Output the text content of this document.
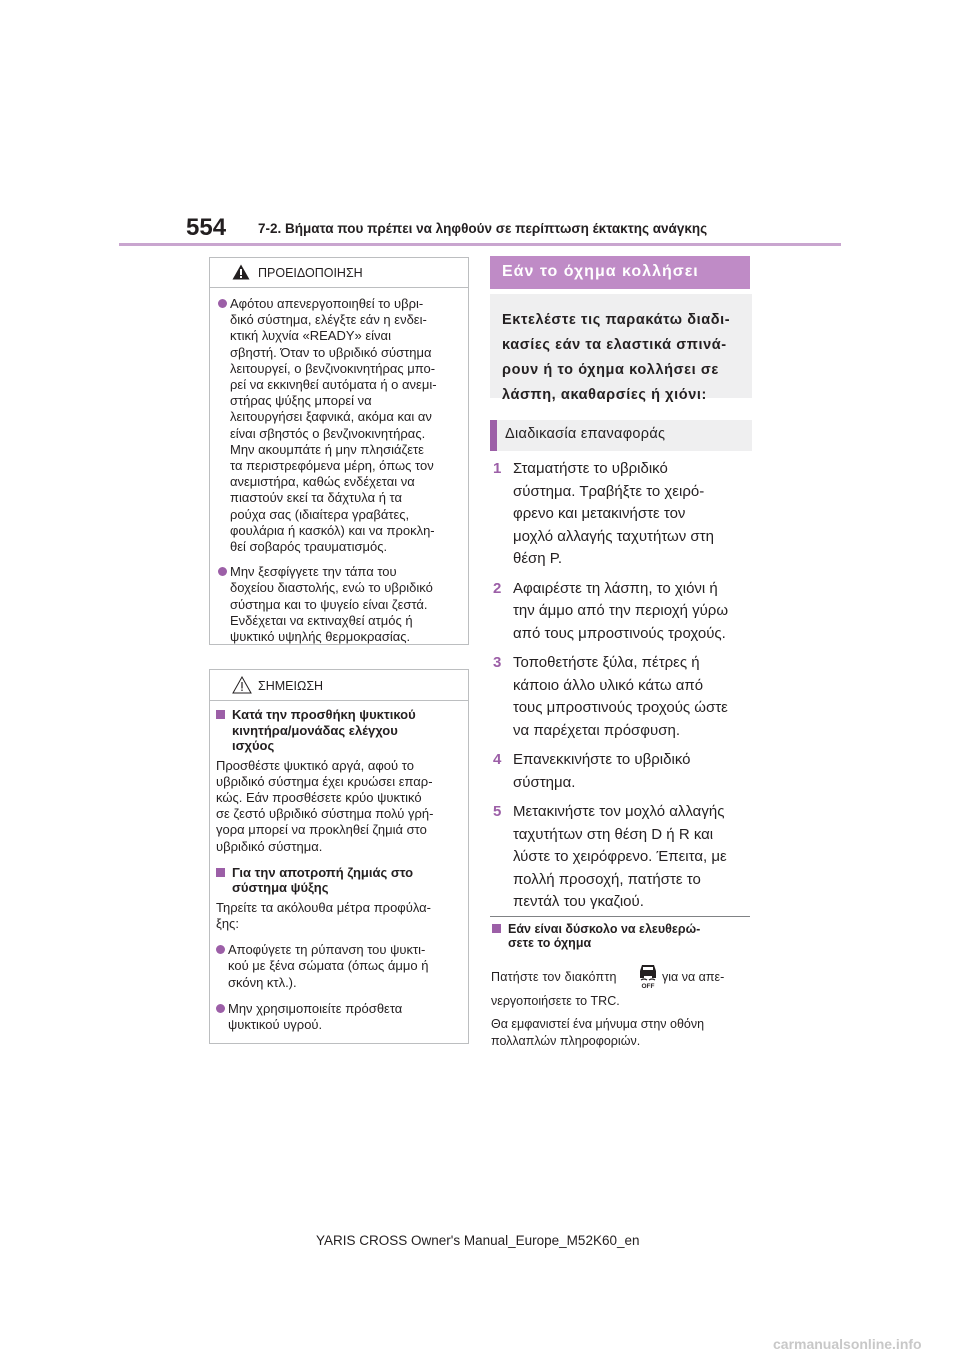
554 7-2. Βήματα που πρέπει να ληφθούν σε περίπτωση έκτακτης ανάγκης
ΠΡΟΕΙΔΟΠΟΙΗΣΗ
Αφότου απενεργοποιηθεί το υβρι-
δικό σύστημα, ελέγξτε εάν η ενδει-
κτική λυχνία «READY» είναι
σβηστή. Όταν το υβριδικό σύστημα
λειτουργεί, ο βενζινοκινητήρας μπο-
ρεί να εκκινηθεί αυτόματα ή ο ανεμι-
στήρας ψύξης μπορεί να
λειτουργήσει ξαφνικά, ακόμα και αν
είναι σβηστός ο βενζινοκινητήρας.
Μην ακουμπάτε ή μην πλησιάζετε
τα περιστρεφόμενα μέρη, όπως τον
ανεμιστήρα, καθώς ενδέχεται να
πιαστούν εκεί τα δάχτυλα ή τα
ρούχα σας (ιδιαίτερα γραβάτες,
φουλάρια ή κασκόλ) και να προκλη-
θεί σοβαρός τραυματισμός.
Μην ξεσφίγγετε την τάπα του
δοχείου διαστολής, ενώ το υβριδικό
σύστημα και το ψυγείο είναι ζεστά.
Ενδέχεται να εκτιναχθεί ατμός ή
ψυκτικό υψηλής θερμοκρασίας.
ΣΗΜΕΙΩΣΗ
Κατά την προσθήκη ψυκτικού
κινητήρα/μονάδας ελέγχου
ισχύος
Προσθέστε ψυκτικό αργά, αφού το
υβριδικό σύστημα έχει κρυώσει επαρ-
κώς. Εάν προσθέσετε κρύο ψυκτικό
σε ζεστό υβριδικό σύστημα πολύ γρή-
γορα μπορεί να προκληθεί ζημιά στο
υβριδικό σύστημα.
Για την αποτροπή ζημιάς στο
σύστημα ψύξης
Τηρείτε τα ακόλουθα μέτρα προφύλα-
ξης:
Αποφύγετε τη ρύπανση του ψυκτι-
κού με ξένα σώματα (όπως άμμο ή
σκόνη κτλ.).
Μην χρησιμοποιείτε πρόσθετα
ψυκτικού υγρού.
Εάν το όχημα κολλήσει
Εκτελέστε τις παρακάτω διαδι-
κασίες εάν τα ελαστικά σπινά-
ρουν ή το όχημα κολλήσει σε
λάσπη, ακαθαρσίες ή χιόνι:
Διαδικασία επαναφοράς
1 Σταματήστε το υβριδικό
σύστημα. Τραβήξτε το χειρό-
φρενο και μετακινήστε τον
μοχλό αλλαγής ταχυτήτων στη
θέση P.
2 Αφαιρέστε τη λάσπη, το χιόνι ή
την άμμο από την περιοχή γύρω
από τους μπροστινούς τροχούς.
3 Τοποθετήστε ξύλα, πέτρες ή
κάποιο άλλο υλικό κάτω από
τους μπροστινούς τροχούς ώστε
να παρέχεται πρόσφυση.
4 Επανεκκινήστε το υβριδικό
σύστημα.
5 Μετακινήστε τον μοχλό αλλαγής
ταχυτήτων στη θέση D ή R και
λύστε το χειρόφρενο. Έπειτα, με
πολλή προσοχή, πατήστε το
πεντάλ του γκαζιού.
Εάν είναι δύσκολο να ελευθερώ-
σετε το όχημα
Πατήστε τον διακόπτη
OFF
για να απε-
νεργοποιήσετε το TRC.
Θα εμφανιστεί ένα μήνυμα στην οθόνη
πολλαπλών πληροφοριών.
YARIS CROSS Owner's Manual_Europe_M52K60_en
carmanualsonline.info
